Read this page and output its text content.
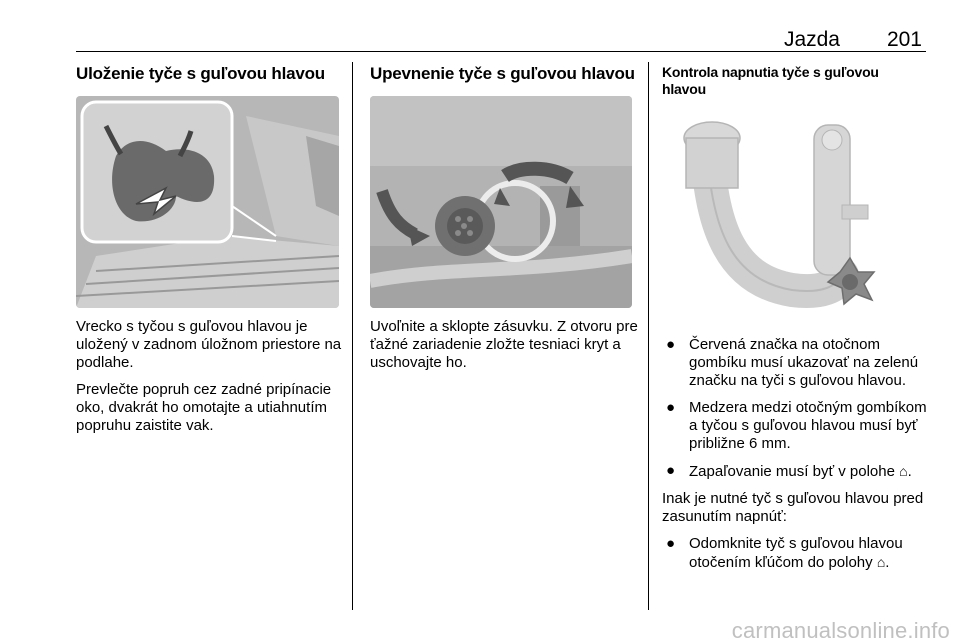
Jazda 201
Uloženie tyče s guľovou hlavou

Vrecko s tyčou s guľovou hlavou je uložený v zadnom úložnom priestore na podlahe.

Prevlečte popruh cez zadné pripínacie oko, dvakrát ho omotajte a utiahnutím popruhu zaistite vak.

Upevnenie tyče s guľovou hlavou

Uvoľnite a sklopte zásuvku. Z otvoru pre ťažné zariadenie zložte tesniaci kryt a uschovajte ho.

Kontrola napnutia tyče s guľovou hlavou
● Červená značka na otočnom gombíku musí ukazovať na zelenú značku na tyči s guľovou hlavou.
● Medzera medzi otočným gombíkom a tyčou s guľovou hlavou musí byť približne 6 mm.
● Zapaľovanie musí byť v polohe ⌂.

Inak je nutné tyč s guľovou hlavou pred zasunutím napnúť:

● Odomknite tyč s guľovou hlavou otočením kľúčom do polohy ⌂.
carmanualsonline.info
